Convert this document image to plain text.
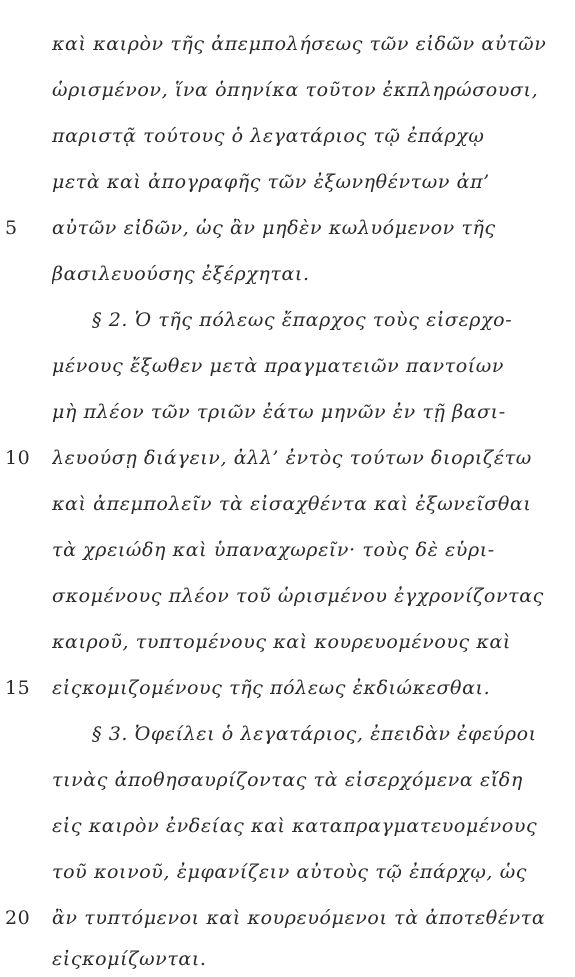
καὶ καιρὸν τῆς ἀπεμπολήσεως τῶν εἰδῶν αὐτῶν
ὡρισμένον, ἵνα ὁπηνίκα τοῦτον ἐκπληρώσουσι,
παριστᾷ τούτους ὁ λεγατάριος τῷ ἐπάρχῳ
μετὰ καὶ ἀπογραφῆς τῶν ἐξωνηθέντων ἀπ’
5	αὐτῶν εἰδῶν, ὡς ἂν μηδὲν κωλυόμενον τῆς
βασιλευούσης ἐξέρχηται.
§ 2. Ὁ τῆς πόλεως ἔπαρχος τοὺς εἰσερχο-
μένους ἔξωθεν μετὰ πραγματειῶν παντοίων
μὴ πλέον τῶν τριῶν ἐάτω μηνῶν ἐν τῇ βασι-
10	λευούσῃ διάγειν, ἀλλ’ ἐντὸς τούτων διοριζέτω
καὶ ἀπεμπολεῖν τὰ εἰσαχθέντα καὶ ἐξωνεῖσθαι
τὰ χρειώδη καὶ ὑπαναχωρεῖν· τοὺς δὲ εὑρι-
σκομένους πλέον τοῦ ὡρισμένου ἐγχρονίζοντας
καιροῦ, τυπτομένους καὶ κουρευομένους καὶ
15	εἰςκομιζομένους τῆς πόλεως ἐκδιώκεσθαι.
§ 3. Ὀφείλει ὁ λεγατάριος, ἐπειδὰν ἐφεύροι
τινὰς ἀποθησαυρίζοντας τὰ εἰσερχόμενα εἴδη
εἰς καιρὸν ἐνδείας καὶ καταπραγματευομένους
τοῦ κοινοῦ, ἐμφανίζειν αὐτοὺς τῷ ἐπάρχῳ, ὡς
20	ἂν τυπτόμενοι καὶ κουρευόμενοι τὰ ἀποτεθέντα
εἰςκομίζωνται.
